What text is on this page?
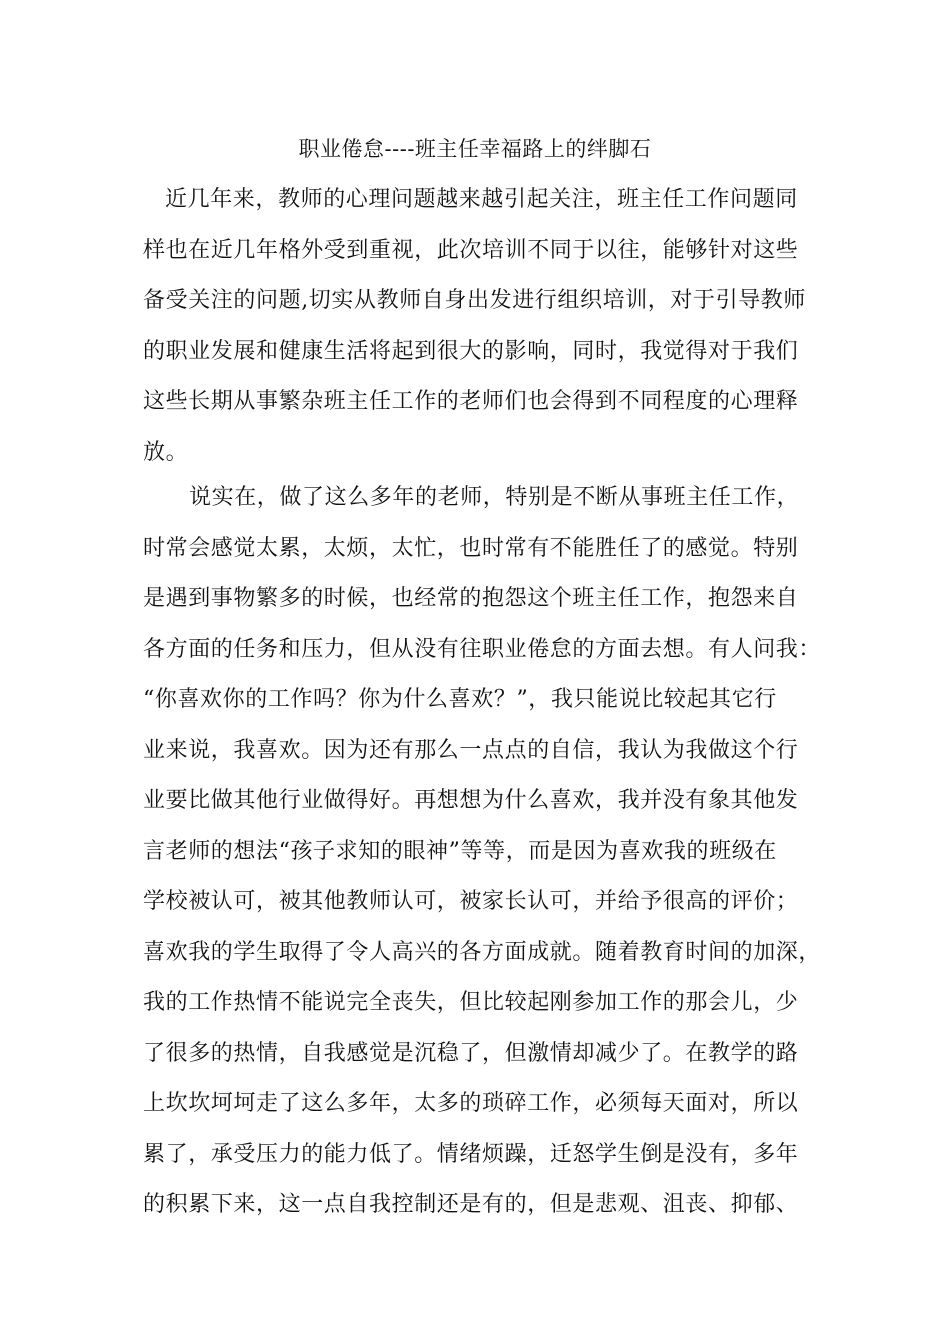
职业倦怠----班主任幸福路上的绊脚石
近几年来，教师的心理问题越来越引起关注，班主任工作问题同
样也在近几年格外受到重视，此次培训不同于以往，能够针对这些
备受关注的问题,切实从教师自身出发进行组织培训，对于引导教师
的职业发展和健康生活将起到很大的影响，同时，我觉得对于我们
这些长期从事繁杂班主任工作的老师们也会得到不同程度的心理释
放。
说实在，做了这么多年的老师，特别是不断从事班主任工作，
时常会感觉太累，太烦，太忙，也时常有不能胜任了的感觉。特别
是遇到事物繁多的时候，也经常的抱怨这个班主任工作，抱怨来自
各方面的任务和压力，但从没有往职业倦怠的方面去想。有人问我：
“你喜欢你的工作吗？你为什么喜欢？”，我只能说比较起其它行
业来说，我喜欢。因为还有那么一点点的自信，我认为我做这个行
业要比做其他行业做得好。再想想为什么喜欢，我并没有象其他发
言老师的想法“孩子求知的眼神”等等，而是因为喜欢我的班级在
学校被认可，被其他教师认可，被家长认可，并给予很高的评价；
喜欢我的学生取得了令人高兴的各方面成就。随着教育时间的加深，
我的工作热情不能说完全丧失，但比较起刚参加工作的那会儿，少
了很多的热情，自我感觉是沉稳了，但激情却减少了。在教学的路
上坎坎坷坷走了这么多年，太多的琐碎工作，必须每天面对，所以
累了，承受压力的能力低了。情绪烦躁，迁怒学生倒是没有，多年
的积累下来，这一点自我控制还是有的，但是悲观、沮丧、抑郁、
